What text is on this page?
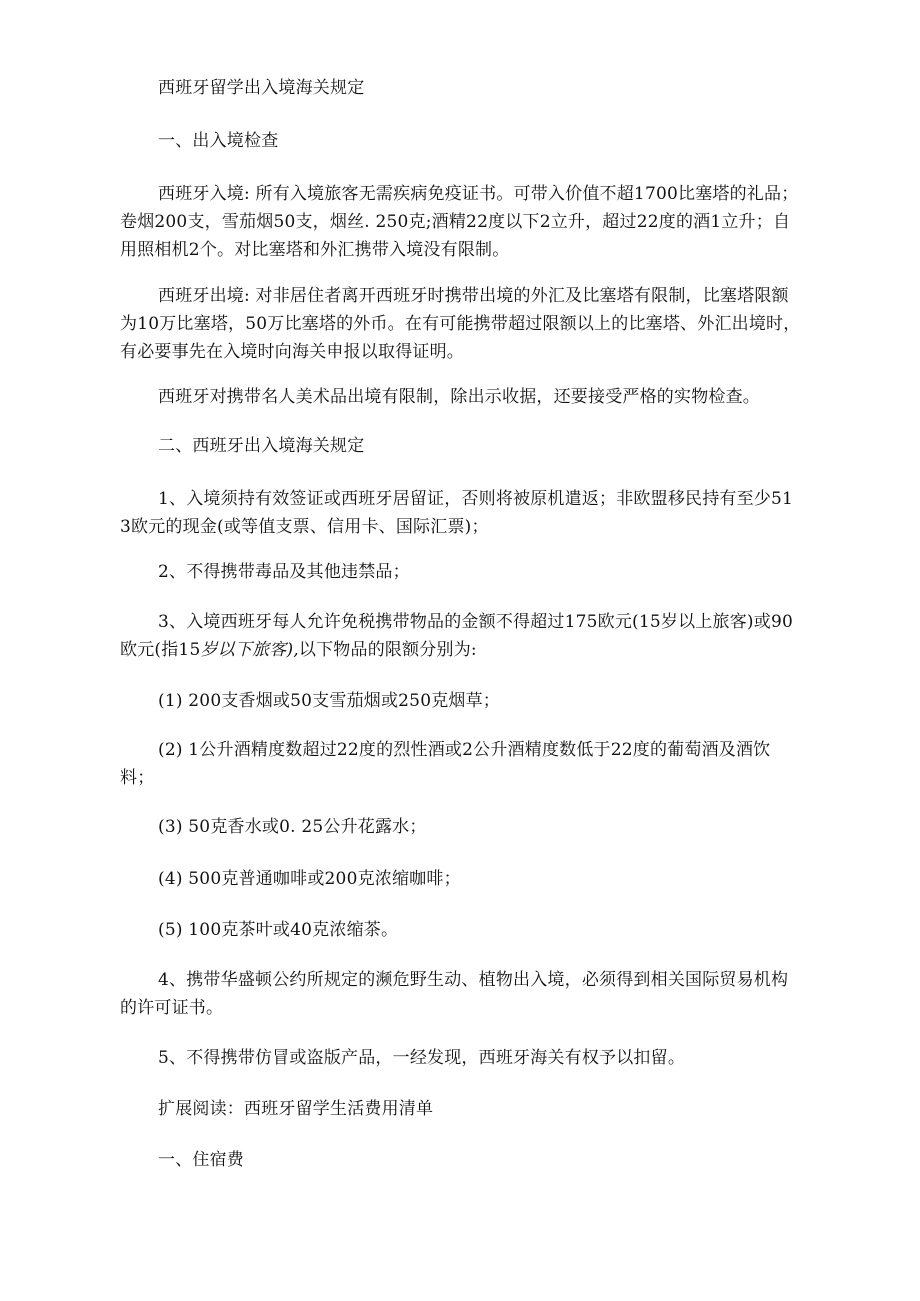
西班牙留学出入境海关规定

一、出入境检查

西班牙入境: 所有入境旅客无需疾病免疫证书。可带入价值不超1700比塞塔的礼品；卷烟200支，雪茄烟50支，烟丝. 250克;酒精22度以下2立升，超过22度的酒1立升；自用照相机2个。对比塞塔和外汇携带入境没有限制。

西班牙出境: 对非居住者离开西班牙时携带出境的外汇及比塞塔有限制，比塞塔限额为10万比塞塔，50万比塞塔的外币。在有可能携带超过限额以上的比塞塔、外汇出境时，有必要事先在入境时向海关申报以取得证明。

西班牙对携带名人美术品出境有限制，除出示收据，还要接受严格的实物检查。

二、西班牙出入境海关规定

1、入境须持有效签证或西班牙居留证，否则将被原机遣返；非欧盟移民持有至少513欧元的现金(或等值支票、信用卡、国际汇票)；

2、不得携带毒品及其他违禁品；

3、入境西班牙每人允许免税携带物品的金额不得超过175欧元(15岁以上旅客)或90欧元(指15岁以下旅客),以下物品的限额分别为:

(1) 200支香烟或50支雪茄烟或250克烟草；

(2) 1公升酒精度数超过22度的烈性酒或2公升酒精度数低于22度的葡萄酒及酒饮料；

(3) 50克香水或0. 25公升花露水；

(4) 500克普通咖啡或200克浓缩咖啡；

(5) 100克茶叶或40克浓缩茶。

4、携带华盛顿公约所规定的濒危野生动、植物出入境，必须得到相关国际贸易机构的许可证书。

5、不得携带仿冒或盗版产品，一经发现，西班牙海关有权予以扣留。

扩展阅读：西班牙留学生活费用清单

一、住宿费
